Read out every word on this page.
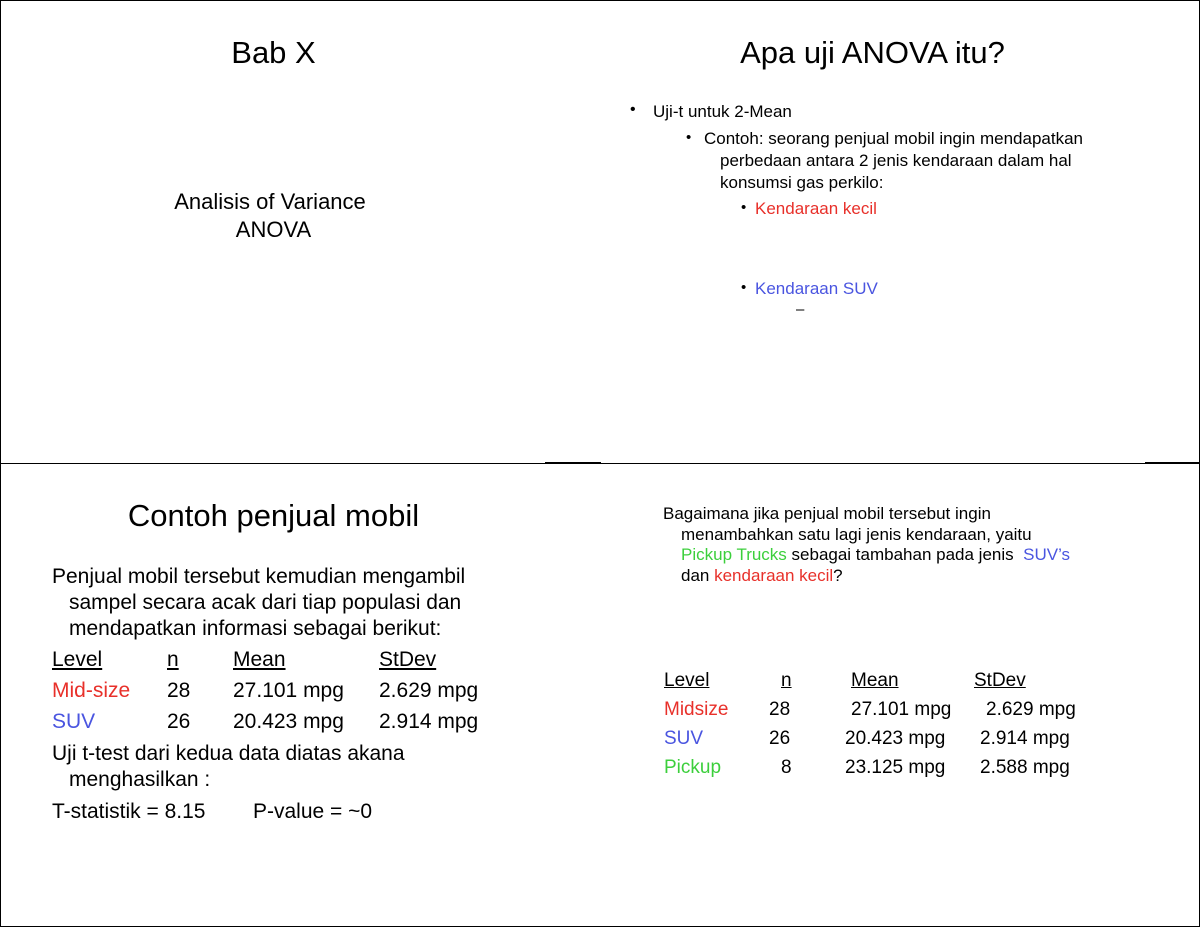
Bab X
Analisis of Variance
ANOVA
Apa uji ANOVA itu?
• Uji-t untuk 2-Mean
• Contoh: seorang penjual mobil ingin mendapatkan
perbedaan antara 2 jenis kendaraan dalam hal
konsumsi gas perkilo:
• Kendaraan kecil
• Kendaraan SUV
–
Contoh penjual mobil
Penjual mobil tersebut kemudian mengambil
sampel secara acak dari tiap populasi dan
mendapatkan informasi sebagai berikut:
Level	n	Mean	StDev
Mid-size 28 27.101 mpg 2.629 mpg
SUV	26 20.423 mpg 2.914 mpg
Uji t-test dari kedua data diatas akana
menghasilkan :
T-statistik = 8.15 P-value = ~0
Bagaimana jika penjual mobil tersebut ingin
menambahkan satu lagi jenis kendaraan, yaitu
Pickup Trucks sebagai tambahan pada jenis  SUV’s
dan kendaraan kecil?
Level	n	Mean	StDev
Midsize 28	27.101 mpg 2.629 mpg
SUV	26	20.423 mpg 2.914 mpg
Pickup	8	23.125 mpg 2.588 mpg
